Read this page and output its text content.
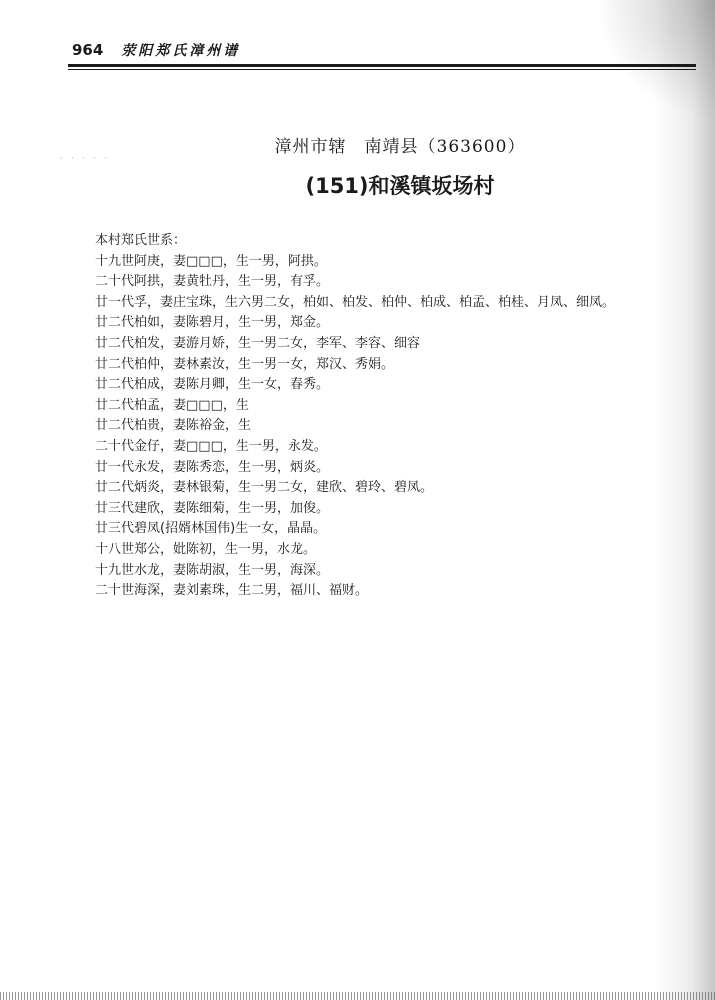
964 荥阳郑氏漳州谱
· · · · ·
漳州市辖　南靖县（363600）
(151)和溪镇坂场村
本村郑氏世系：
十九世阿庚，妻□□□，生一男，阿拱。
二十代阿拱，妻黄牡丹，生一男，有孚。
廿一代孚，妻庄宝珠，生六男二女，柏如、柏发、柏仲、柏成、柏孟、柏桂、月凤、细凤。
廿二代柏如，妻陈碧月，生一男，郑金。
廿二代柏发，妻游月娇，生一男二女，李军、李容、细容
廿二代柏仲，妻林素汝，生一男一女，郑汉、秀娟。
廿二代柏成，妻陈月卿，生一女，春秀。
廿二代柏孟，妻□□□，生
廿二代柏贵，妻陈裕金，生
二十代金仔，妻□□□，生一男，永发。
廿一代永发，妻陈秀恋，生一男，炳炎。
廿二代炳炎，妻林银菊，生一男二女，建欣、碧玲、碧凤。
廿三代建欣，妻陈细菊，生一男，加俊。
廿三代碧凤(招婿林国伟)生一女，晶晶。
十八世郑公，妣陈初，生一男，水龙。
十九世水龙，妻陈胡淑，生一男，海深。
二十世海深，妻刘素珠，生二男，福川、福财。
